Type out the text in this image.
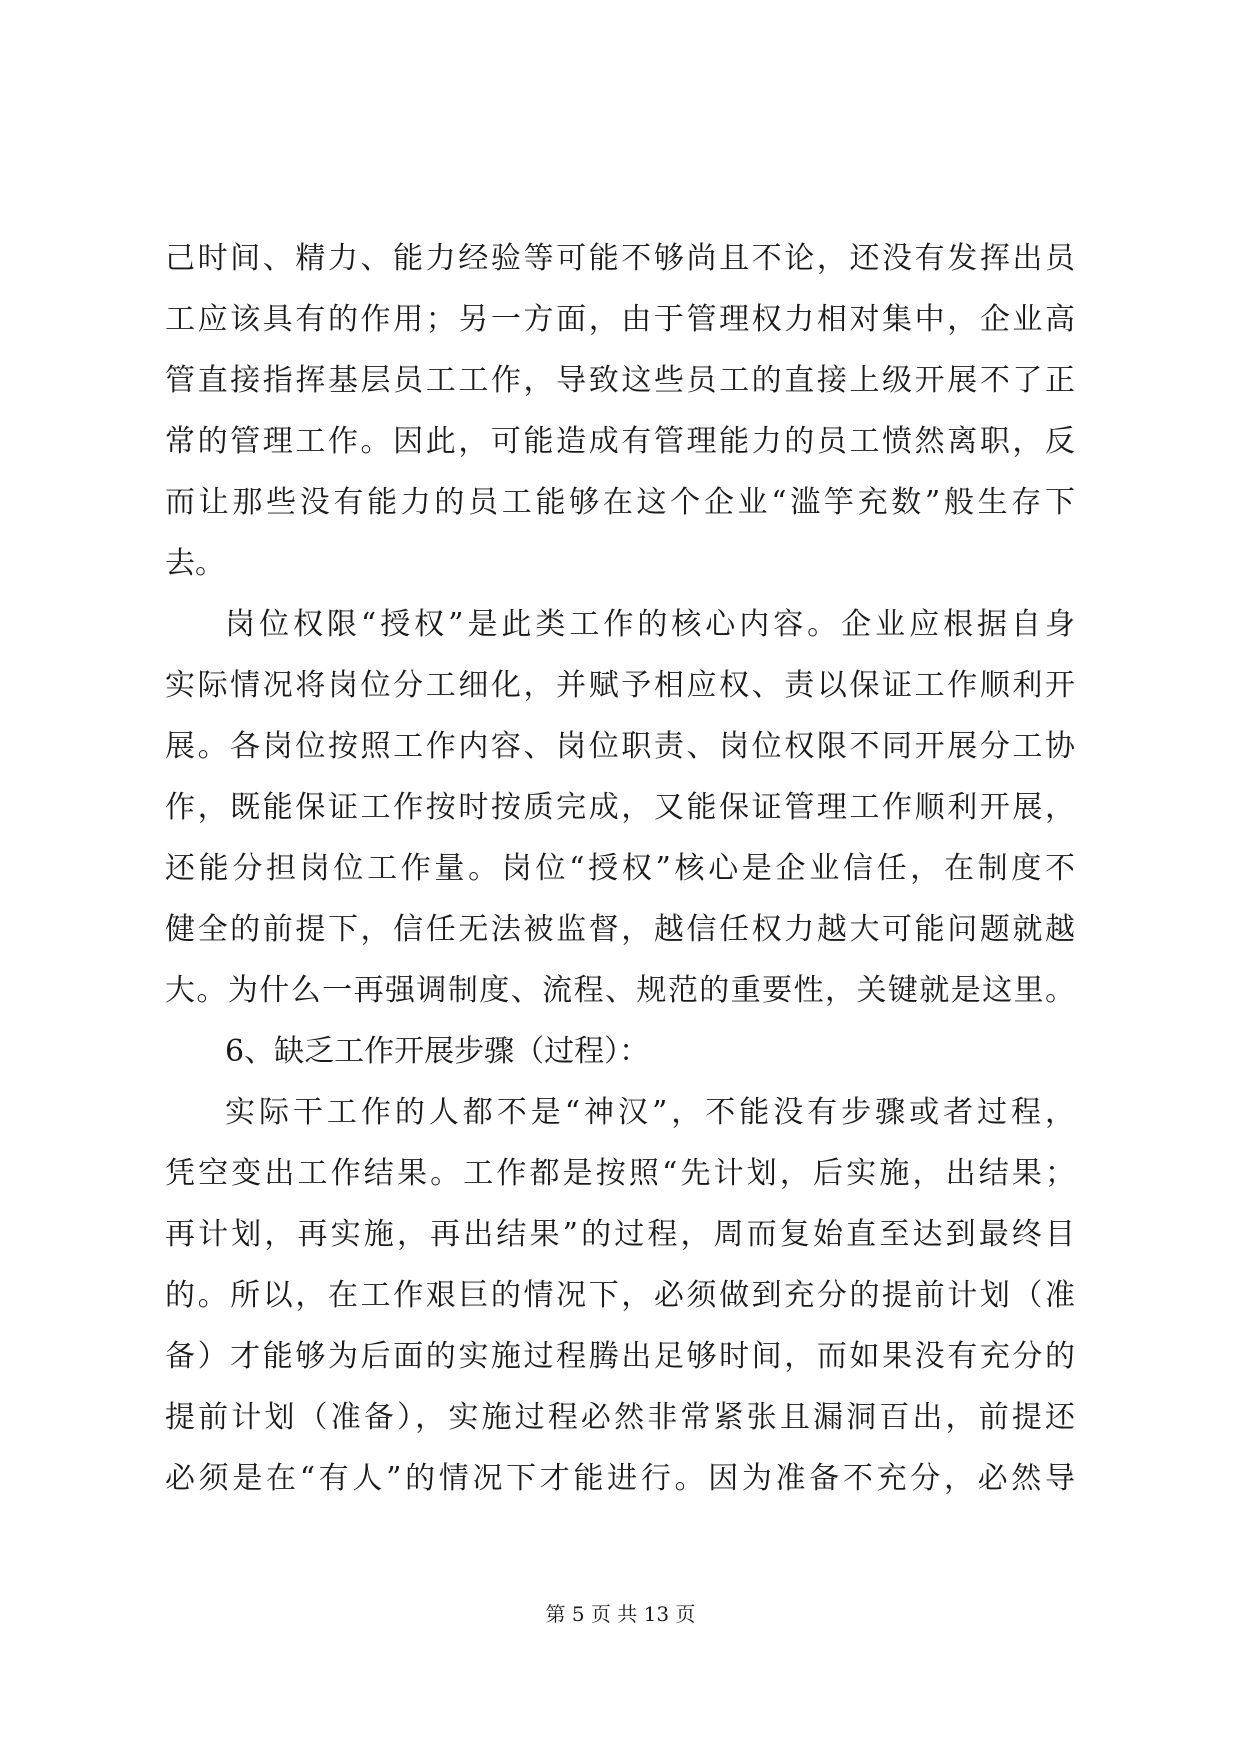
己时间、精力、能力经验等可能不够尚且不论，还没有发挥出员
工应该具有的作用；另一方面，由于管理权力相对集中，企业高
管直接指挥基层员工工作，导致这些员工的直接上级开展不了正
常的管理工作。因此，可能造成有管理能力的员工愤然离职，反
而让那些没有能力的员工能够在这个企业“滥竽充数”般生存下
去。
岗位权限“授权”是此类工作的核心内容。企业应根据自身
实际情况将岗位分工细化，并赋予相应权、责以保证工作顺利开
展。各岗位按照工作内容、岗位职责、岗位权限不同开展分工协
作，既能保证工作按时按质完成，又能保证管理工作顺利开展，
还能分担岗位工作量。岗位“授权”核心是企业信任，在制度不
健全的前提下，信任无法被监督，越信任权力越大可能问题就越
大。为什么一再强调制度、流程、规范的重要性，关键就是这里。
6、缺乏工作开展步骤（过程）：
实际干工作的人都不是“神汉”，不能没有步骤或者过程，
凭空变出工作结果。工作都是按照“先计划，后实施，出结果；
再计划，再实施，再出结果”的过程，周而复始直至达到最终目
的。所以，在工作艰巨的情况下，必须做到充分的提前计划（准
备）才能够为后面的实施过程腾出足够时间，而如果没有充分的
提前计划（准备），实施过程必然非常紧张且漏洞百出，前提还
必须是在“有人”的情况下才能进行。因为准备不充分，必然导
第 5 页 共 13 页
